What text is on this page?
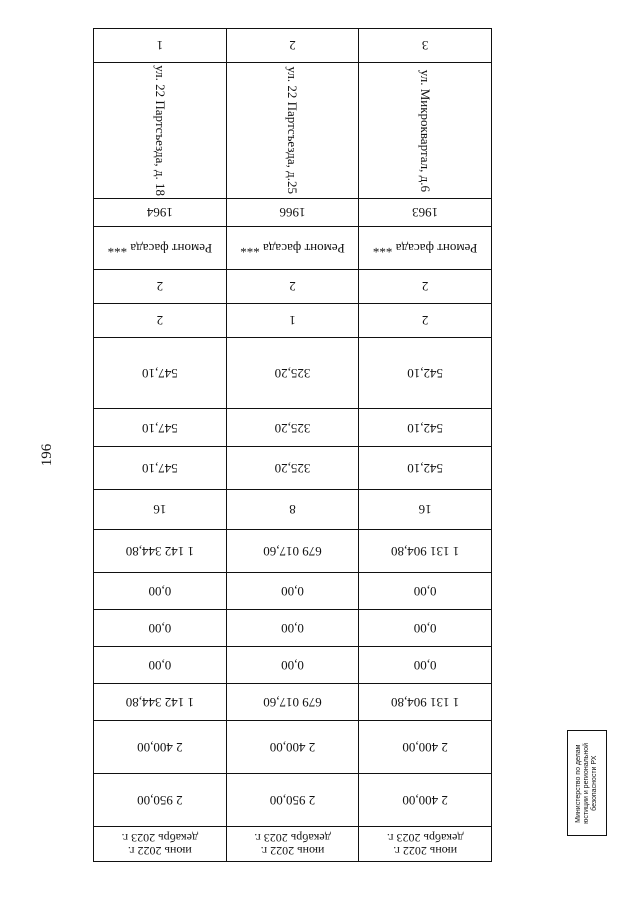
196
июнь 2022 г.
декабрь 2023 г.
июнь 2022 г.
декабрь 2023 г.
июнь 2022 г.
декабрь 2023 г.
2 400,00
2 950,00
2 950,00
2 400,00
2 400,00
2 400,00
1 131 904,80
679 017,60
1 142 344,80
0,00
0,00
0,00
0,00
0,00
0,00
0,00
0,00
0,00
1 131 904,80
679 017,60
1 142 344,80
16
8
16
542,10
325,20
547,10
542,10
325,20
547,10
542,10
325,20
547,10
2
1
2
2
2
2
Ремонт фасада ***
Ремонт фасада ***
Ремонт фасада ***
1963
1966
1964
ул. Микроквартал, д.6
ул. 22 Партсъезда, д.25
ул. 22 Партсъезда, д. 18
3
2
1
Министерство по делам юстиции и региональной безопасности РХ
